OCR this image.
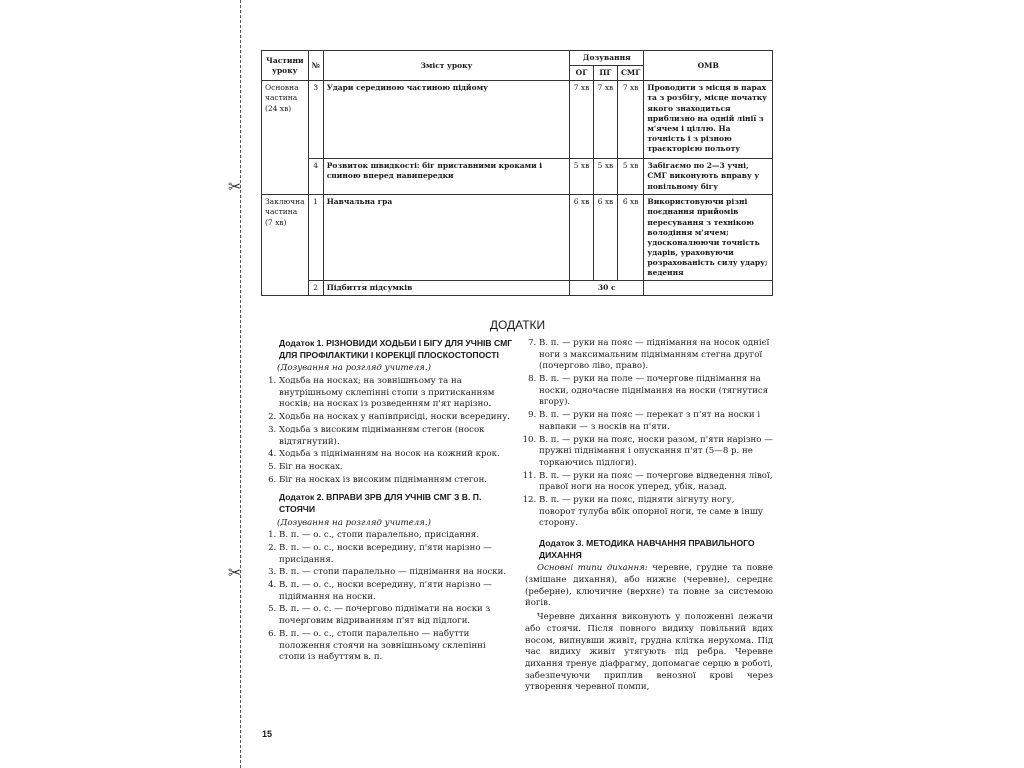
✂
✂
Частини уроку	№	Зміст уроку	Дозування			ОМВ
			ОГ	ПГ	СМГ	
Основна частина (24 хв)	3	Удари серединою частиною підйому	7 хв	7 хв	7 хв	Проводити з місця в парах та з розбігу, місце початку якого знаходиться приблизно на одній лінії з м'ячем і ціллю. На точність і з різною траєкторією польоту
	4	Розвиток швидкості: біг приставними кроками і спиною вперед навипередки	5 хв	5 хв	5 хв	Забігаємо по 2—3 учні, СМГ виконують вправу у повільному бігу
Заключна частина (7 хв)	1	Навчальна гра	6 хв	6 хв	6 хв	Використовуючи різні поєднання прийомів пересування з технікою володіння м'ячем; удосконалюючи точність ударів, ураховуючи розрахованість силу удару; ведення
	2	Підбиття підсумків	30 с			
ДОДАТКИ
Додаток 1. РІЗНОВИДИ ХОДЬБИ І БІГУ ДЛЯ УЧНІВ СМГ ДЛЯ ПРОФІЛАКТИКИ І КОРЕКЦІЇ ПЛОСКОСТОПОСТІ
(Дозування на розгляд учителя.)
1. Ходьба на носках; на зовнішньому та на внутрішньому склепінні стопи з притисканням носків; на носках із розведенням п'ят нарізно.
2. Ходьба на носках у напівприсіді, носки всередину.
3. Ходьба з високим підніманням стегон (носок відтягнутий).
4. Ходьба з підніманням на носок на кожний крок.
5. Біг на носках.
6. Біг на носках із високим підніманням стегон.
Додаток 2. ВПРАВИ ЗРВ ДЛЯ УЧНІВ СМГ З В. П. СТОЯЧИ
(Дозування на розгляд учителя.)
1. В. п. — о. с., стопи паралельно, присідання.
2. В. п. — о. с., носки всередину, п'яти нарізно — присідання.
3. В. п. — стопи паралельно — піднімання на носки.
4. В. п. — о. с., носки всередину, п'яти нарізно — підіймання на носки.
5. В. п. — о. с. — почергово піднімати на носки з почерговим відриванням п'ят від підлоги.
6. В. п. — о. с., стопи паралельно — набутти положення стоячи на зовнішньому склепінні стопи із набуттям в. п.
7. В. п. — руки на пояс — піднімання на носок однієї ноги з максимальним підніманням стегна другої (почергово ліво, право).
8. В. п. — руки на поле — почергове піднімання на носки, одночасне піднімання на носки (тягнутися вгору).
9. В. п. — руки на пояс — перекат з п'ят на носки і навпаки — з носків на п'яти.
10. В. п. — руки на пояс, носки разом, п'яти нарізно — пружні піднімання і опускання п'ят (5—8 р. не торкаючись підлоги).
11. В. п. — руки на пояс — почергове відведення лівої, правої ноги на носок уперед, убік, назад.
12. В. п. — руки на пояс, підняти зігнуту ногу, поворот тулуба вбік опорної ноги, те саме в іншу сторону.
Додаток 3. МЕТОДИКА НАВЧАННЯ ПРАВИЛЬНОГО ДИХАННЯ

Основні типи дихання: черевне, грудне та повне (змішане дихання), або нижнє (черевне), середнє (реберне), ключичне (верхнє) та повне за системою йогів.

Черевне дихання виконують у положенні лежачи або стоячи. Після повного видиху повільний вдих носом, випнувши живіт, грудна клітка нерухома. Під час видиху живіт утягують під ребра. Черевне дихання тренує діафрагму, допомагає серцю в роботі, забезпечуючи приплив венозної крові через утворення черевної помпи,

15
